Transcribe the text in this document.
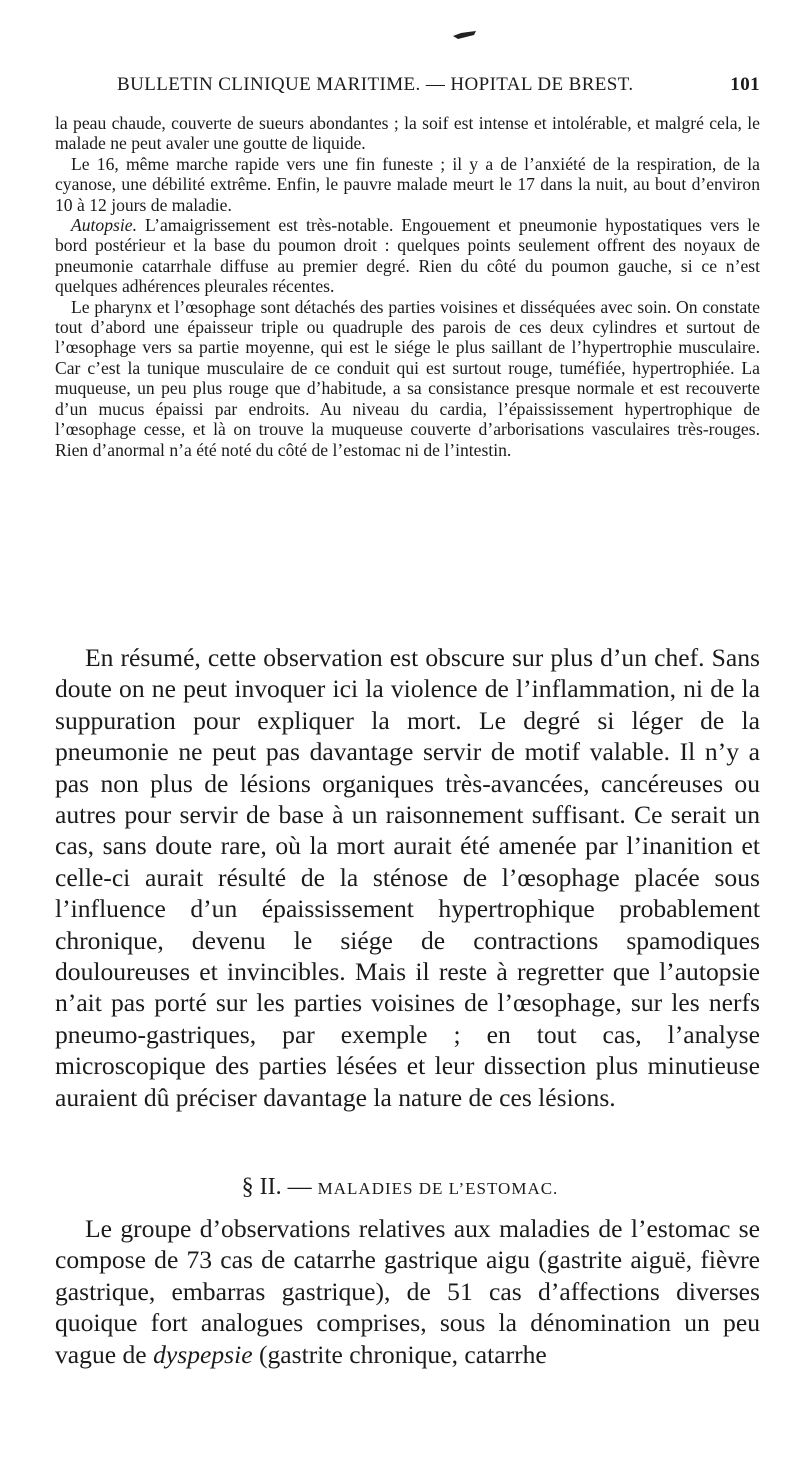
BULLETIN CLINIQUE MARITIME. — HOPITAL DE BREST.	101

la peau chaude, couverte de sueurs abondantes ; la soif est intense et intolérable, et malgré cela, le malade ne peut avaler une goutte de liquide.

Le 16, même marche rapide vers une fin funeste ; il y a de l’anxiété de la respiration, de la cyanose, une débilité extrême. Enfin, le pauvre malade meurt le 17 dans la nuit, au bout d’environ 10 à 12 jours de maladie.

Autopsie. L’amaigrissement est très-notable. Engouement et pneumonie hypostatiques vers le bord postérieur et la base du poumon droit : quelques points seulement offrent des noyaux de pneumonie catarrhale diffuse au premier degré. Rien du côté du poumon gauche, si ce n’est quelques adhérences pleurales récentes.

Le pharynx et l’œsophage sont détachés des parties voisines et disséquées avec soin. On constate tout d’abord une épaisseur triple ou quadruple des parois de ces deux cylindres et surtout de l’œsophage vers sa partie moyenne, qui est le siége le plus saillant de l’hypertrophie musculaire. Car c’est la tunique musculaire de ce conduit qui est surtout rouge, tuméfiée, hypertrophiée. La muqueuse, un peu plus rouge que d’habitude, a sa consistance presque normale et est recouverte d’un mucus épaissi par endroits. Au niveau du cardia, l’épaississement hypertrophique de l’œsophage cesse, et là on trouve la muqueuse couverte d’arborisations vasculaires très-rouges. Rien d’anormal n’a été noté du côté de l’estomac ni de l’intestin.

En résumé, cette observation est obscure sur plus d’un chef. Sans doute on ne peut invoquer ici la violence de l’inflammation, ni de la suppuration pour expliquer la mort. Le degré si léger de la pneumonie ne peut pas davantage servir de motif valable. Il n’y a pas non plus de lésions organiques très-avancées, cancéreuses ou autres pour servir de base à un raisonnement suffisant. Ce serait un cas, sans doute rare, où la mort aurait été amenée par l’inanition et celle-ci aurait résulté de la sténose de l’œsophage placée sous l’influence d’un épaississement hypertrophique probablement chronique, devenu le siége de contractions spamodiques douloureuses et invincibles. Mais il reste à regretter que l’autopsie n’ait pas porté sur les parties voisines de l’œsophage, sur les nerfs pneumo-gastriques, par exemple ; en tout cas, l’analyse microscopique des parties lésées et leur dissection plus minutieuse auraient dû préciser davantage la nature de ces lésions.

§ II. — MALADIES DE L’ESTOMAC.

Le groupe d’observations relatives aux maladies de l’estomac se compose de 73 cas de catarrhe gastrique aigu (gastrite aiguë, fièvre gastrique, embarras gastrique), de 51 cas d’affections diverses quoique fort analogues comprises, sous la dénomination un peu vague de dyspepsie (gastrite chronique, catarrhe
